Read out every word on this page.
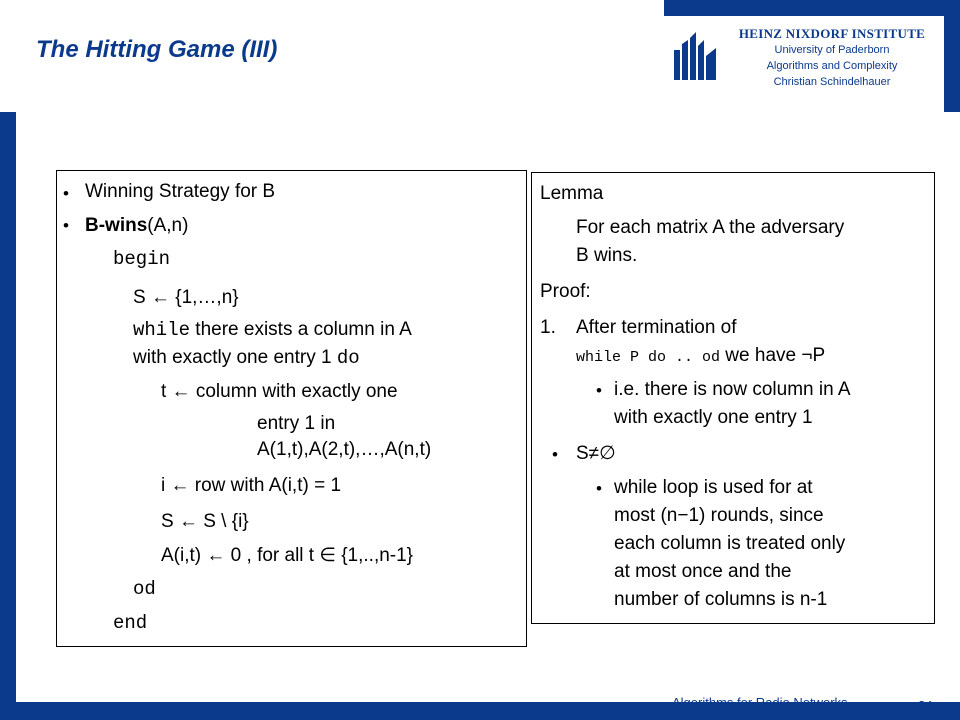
The Hitting Game (III)
HEINZ NIXDORF INSTITUTE
University of Paderborn
Algorithms and Complexity
Christian Schindelhauer
• Winning Strategy for B
• B-wins(A,n)
begin
S ← {1,…,n}
while there exists a column in A
with exactly one entry 1 do
t ← column with exactly one
entry 1 in
A(1,t),A(2,t),…,A(n,t)
i ← row with A(i,t) = 1
S ← S \ {i}
A(i,t) ← 0 , for all t ∈ {1,..,n-1}
od
end
Lemma
For each matrix A the adversary
B wins.
Proof:
1. After termination of
while P do .. od we have ¬P
• i.e. there is now column in A
with exactly one entry 1
• S≠∅
• while loop is used for at
most (n−1) rounds, since
each column is treated only
at most once and the
number of columns is n-1
Algorithms for Radio Networks	24
